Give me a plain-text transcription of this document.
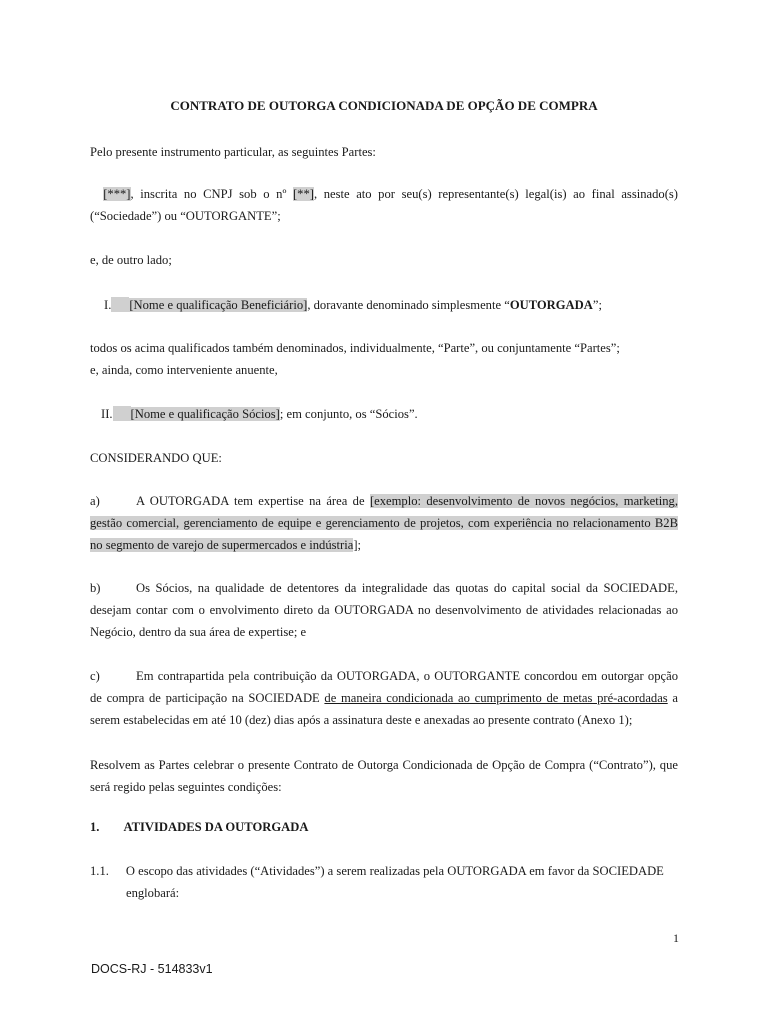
CONTRATO DE OUTORGA CONDICIONADA DE OPÇÃO DE COMPRA
Pelo presente instrumento particular, as seguintes Partes:
[***], inscrita no CNPJ sob o nº [**], neste ato por seu(s) representante(s) legal(is) ao final assinado(s) (“Sociedade”) ou “OUTORGANTE”;
e, de outro lado;
I. [Nome e qualificação Beneficiário], doravante denominado simplesmente “OUTORGADA”;
todos os acima qualificados também denominados, individualmente, “Parte”, ou conjuntamente “Partes”;
e, ainda, como interveniente anuente,
II. [Nome e qualificação Sócios]; em conjunto, os “Sócios”.
CONSIDERANDO QUE:
a)	A OUTORGADA tem expertise na área de [exemplo: desenvolvimento de novos negócios, marketing, gestão comercial, gerenciamento de equipe e gerenciamento de projetos, com experiência no relacionamento B2B no segmento de varejo de supermercados e indústria];
b)	Os Sócios, na qualidade de detentores da integralidade das quotas do capital social da SOCIEDADE, desejam contar com o envolvimento direto da OUTORGADA no desenvolvimento de atividades relacionadas ao Negócio, dentro da sua área de expertise; e
c)	Em contrapartida pela contribuição da OUTORGADA, o OUTORGANTE concordou em outorgar opção de compra de participação na SOCIEDADE de maneira condicionada ao cumprimento de metas pré-acordadas a serem estabelecidas em até 10 (dez) dias após a assinatura deste e anexadas ao presente contrato (Anexo 1);
Resolvem as Partes celebrar o presente Contrato de Outorga Condicionada de Opção de Compra (“Contrato”), que será regido pelas seguintes condições:
1. ATIVIDADES DA OUTORGADA
1.1. O escopo das atividades (“Atividades”) a serem realizadas pela OUTORGADA em favor da SOCIEDADE
englobará:
1
DOCS-RJ - 514833v1
